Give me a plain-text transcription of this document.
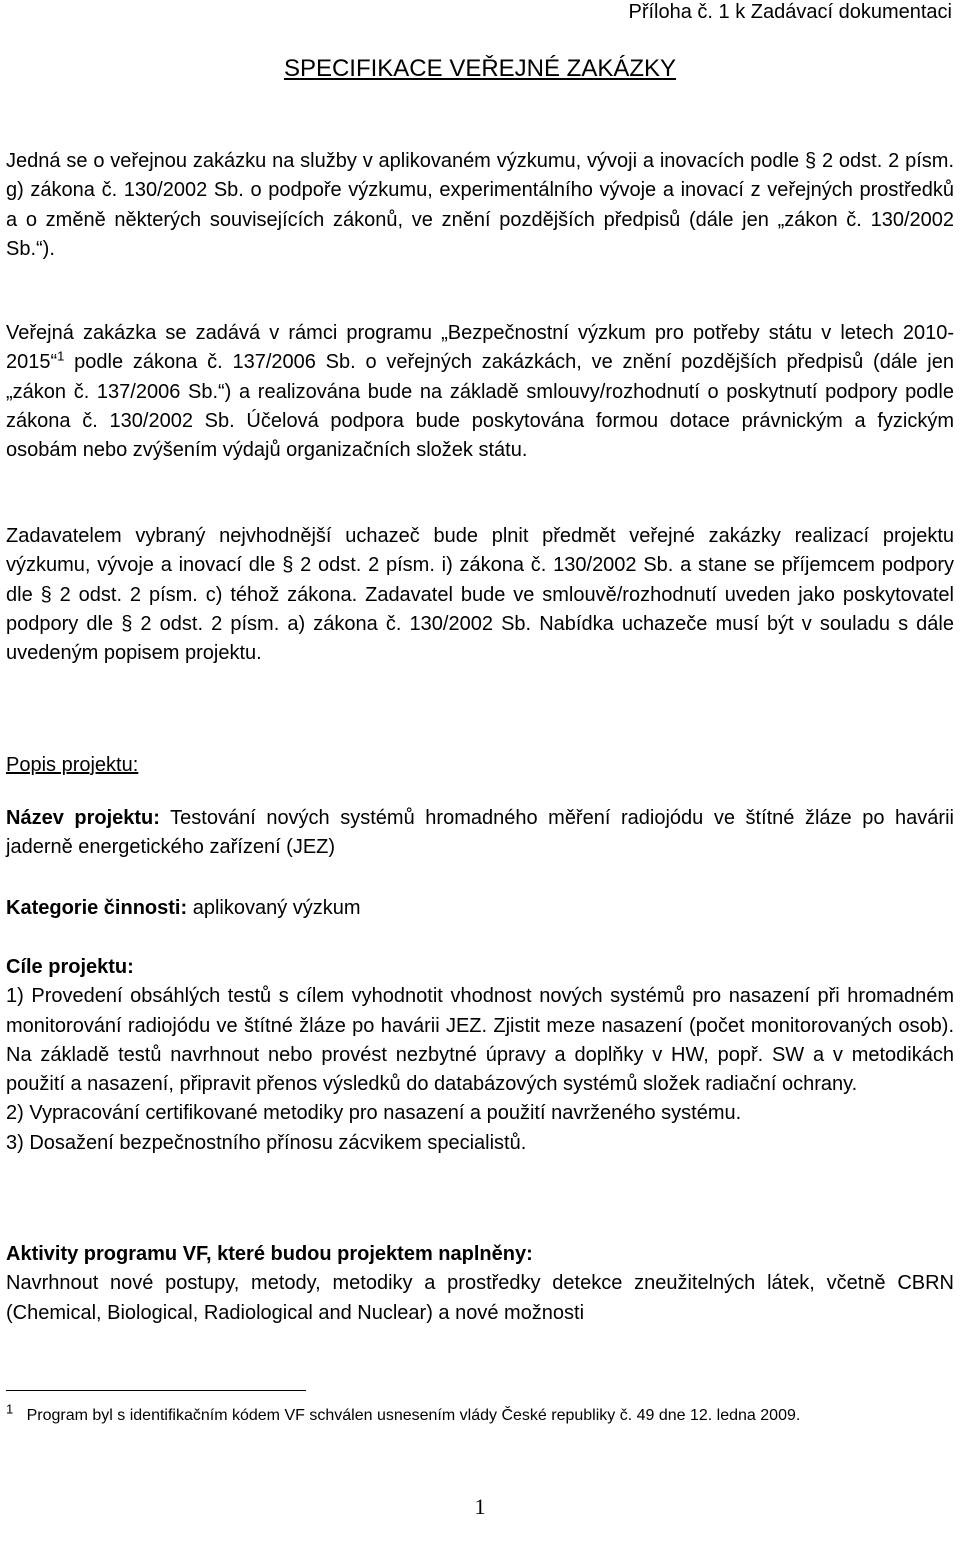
Příloha č. 1 k Zadávací dokumentaci
SPECIFIKACE VEŘEJNÉ ZAKÁZKY

Jedná se o veřejnou zakázku na služby v aplikovaném výzkumu, vývoji a inovacích podle § 2 odst. 2 písm. g) zákona č. 130/2002 Sb. o podpoře výzkumu, experimentálního vývoje a inovací z veřejných prostředků a o změně některých souvisejících zákonů, ve znění pozdějších předpisů (dále jen „zákon č. 130/2002 Sb.“).

Veřejná zakázka se zadává v rámci programu „Bezpečnostní výzkum pro potřeby státu v letech 2010-2015“$^1$ podle zákona č. 137/2006 Sb. o veřejných zakázkách, ve znění pozdějších předpisů (dále jen „zákon č. 137/2006 Sb.“) a realizována bude na základě smlouvy/rozhodnutí o poskytnutí podpory podle zákona č. 130/2002 Sb. Účelová podpora bude poskytována formou dotace právnickým a fyzickým osobám nebo zvýšením výdajů organizačních složek státu.

Zadavatelem vybraný nejvhodnější uchazeč bude plnit předmět veřejné zakázky realizací projektu výzkumu, vývoje a inovací dle § 2 odst. 2 písm. i) zákona č. 130/2002 Sb. a stane se příjemcem podpory dle § 2 odst. 2 písm. c) téhož zákona. Zadavatel bude ve smlouvě/rozhodnutí uveden jako poskytovatel podpory dle § 2 odst. 2 písm. a) zákona č. 130/2002 Sb. Nabídka uchazeče musí být v souladu s dále uvedeným popisem projektu.

Popis projektu:

Název projektu: Testování nových systémů hromadného měření radiojódu ve štítné žláze po havárii jaderně energetického zařízení (JEZ)

Kategorie činnosti: aplikovaný výzkum

Cíle projektu:
1) Provedení obsáhlých testů s cílem vyhodnotit vhodnost nových systémů pro nasazení při hromadném monitorování radiojódu ve štítné žláze po havárii JEZ. Zjistit meze nasazení (počet monitorovaných osob). Na základě testů navrhnout nebo provést nezbytné úpravy a doplňky v HW, popř. SW a v metodikách použití a nasazení, připravit přenos výsledků do databázových systémů složek radiační ochrany.
2) Vypracování certifikované metodiky pro nasazení a použití navrženého systému.
3) Dosažení bezpečnostního přínosu zácvikem specialistů.
Aktivity programu VF, které budou projektem naplněny:
Navrhnout nové postupy, metody, metodiky a prostředky detekce zneužitelných látek, včetně CBRN (Chemical, Biological, Radiological and Nuclear) a nové možnosti

$^1$ Program byl s identifikačním kódem VF schválen usnesením vlády České republiky č. 49 dne 12. ledna 2009.

1
